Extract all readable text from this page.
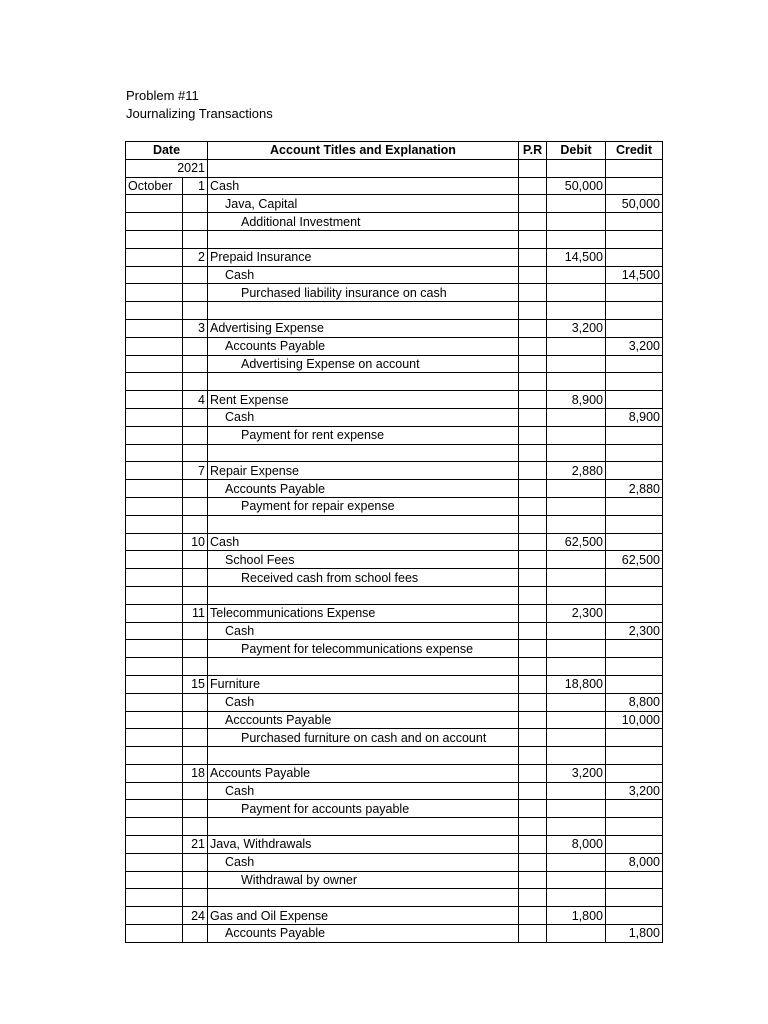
Problem #11
Journalizing Transactions
Date		Account Titles and Explanation	P.R	Debit	Credit
2021					
October	1	Cash		50,000	
		Java, Capital			50,000
		Additional Investment			

	2	Prepaid Insurance		14,500	
		Cash			14,500
		Purchased liability insurance on cash			

	3	Advertising Expense		3,200	
		Accounts Payable			3,200
		Advertising Expense on account			

	4	Rent Expense		8,900	
		Cash			8,900
		Payment for rent expense			

	7	Repair Expense		2,880	
		Accounts Payable			2,880
		Payment for repair expense			

	10	Cash		62,500	
		School Fees			62,500
		Received cash from school fees			

	11	Telecommunications Expense		2,300	
		Cash			2,300
		Payment for telecommunications expense			

	15	Furniture		18,800	
		Cash			8,800
		Acccounts Payable			10,000
		Purchased furniture on cash and on account			

	18	Accounts Payable		3,200	
		Cash			3,200
		Payment for accounts payable			

	21	Java, Withdrawals		8,000	
		Cash			8,000
		Withdrawal by owner			

	24	Gas and Oil Expense		1,800	
		Accounts Payable			1,800
